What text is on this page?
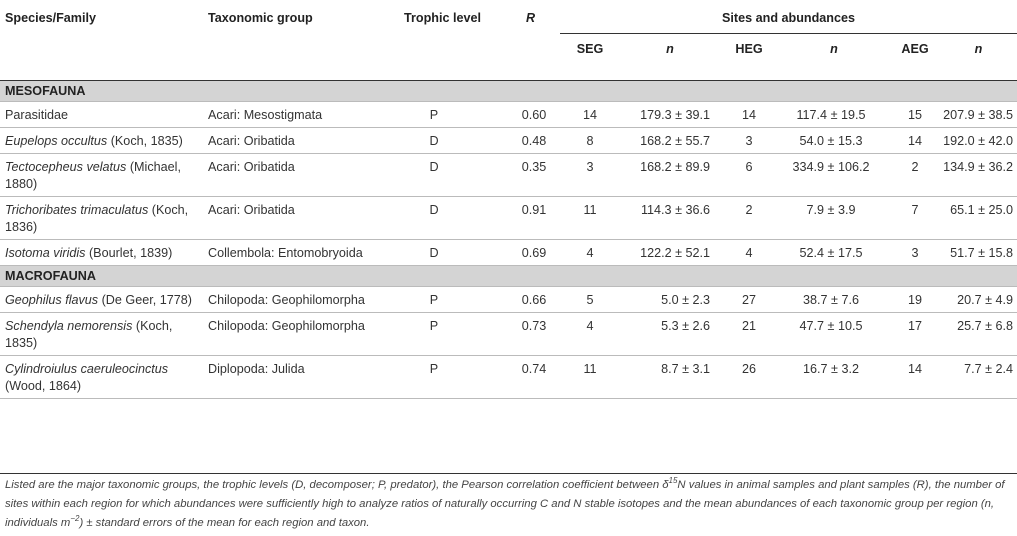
Species/Family	Taxonomic group	Trophic level	R	Sites and abundances					
				SEG	n	HEG	n	AEG	n

MESOFAUNA									
Parasitidae	Acari: Mesostigmata	P	0.60	14	179.3 ± 39.1	14	117.4 ± 19.5	15	207.9 ± 38.5
Eupelops occultus (Koch, 1835)	Acari: Oribatida	D	0.48	8	168.2 ± 55.7	3	54.0 ± 15.3	14	192.0 ± 42.0
Tectocepheus velatus (Michael, 1880)	Acari: Oribatida	D	0.35	3	168.2 ± 89.9	6	334.9 ± 106.2	2	134.9 ± 36.2
Trichoribates trimaculatus (Koch, 1836)	Acari: Oribatida	D	0.91	11	114.3 ± 36.6	2	7.9 ± 3.9	7	65.1 ± 25.0
Isotoma viridis (Bourlet, 1839)	Collembola: Entomobryoida	D	0.69	4	122.2 ± 52.1	4	52.4 ± 17.5	3	51.7 ± 15.8
MACROFAUNA									
Geophilus flavus (De Geer, 1778)	Chilopoda: Geophilomorpha	P	0.66	5	5.0 ± 2.3	27	38.7 ± 7.6	19	20.7 ± 4.9
Schendyla nemorensis (Koch, 1835)	Chilopoda: Geophilomorpha	P	0.73	4	5.3 ± 2.6	21	47.7 ± 10.5	17	25.7 ± 6.8
Cylindroiulus caeruleocinctus (Wood, 1864)	Diplopoda: Julida	P	0.74	11	8.7 ± 3.1	26	16.7 ± 3.2	14	7.7 ± 2.4
Listed are the major taxonomic groups, the trophic levels (D, decomposer; P, predator), the Pearson correlation coefficient between $\delta^{15}N$ values in animal samples and plant samples (R), the number of sites within each region for which abundances were sufficiently high to analyze ratios of naturally occurring C and N stable isotopes and the mean abundances of each taxonomic group per region (n, individuals $m^{-2}$) ± standard errors of the mean for each region and taxon.
